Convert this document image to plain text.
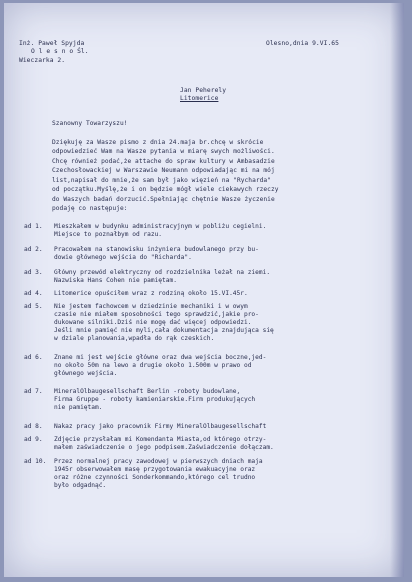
Inż. Paweł Spyjda
O l e s n o Śl.
Wieczarka 2.
Olesno,dnia 9.VI.65
Jan Peherely
Litomerice
Szanowny Towarzyszu!
Dziękuję za Wasze pismo z dnia 24.maja br.chcę w skrócie
odpowiedzieć Wam na Wasze pytania w miarę swych możliwości.
Chcę również podać,że attache do spraw kultury w Ambasadzie
Czechosłowackiej w Warszawie Neumann odpowiadając mi na mój
list,napisał do mnie,że sam był jako więzień na "Rycharda"
od początku.Myślę,że i on będzie mógł wiele ciekawych rzeczy
do Waszych badań dorzucić.Spełniając chętnie Wasze życzenie
podaję co następuje:
ad 1. Mieszkałem w budynku administracyjnym w pobliżu cegielni.
Miejsce to poznałbym od razu.
ad 2. Pracowałem na stanowisku inżyniera budowlanego przy bu-
dowie głównego wejścia do "Richarda".
ad 3. Główny przewód elektryczny od rozdzielnika leżał na ziemi.
Nazwiska Hans Cohen nie pamiętam.
ad 4. Litomerice opuściłem wraz z rodziną około 15.VI.45r.
ad 5. Nie jestem fachowcem w dziedzinie mechaniki i w owym
czasie nie miałem sposobności tego sprawdzić,jakie pro-
dukowane silniki.Dziś nie mogę dać więcej odpowiedzi.
Jeśli mnie pamięć nie myli,cała dokumentacja znajdująca się
w dziale planowania,wpadła do rąk czeskich.
ad 6. Znane mi jest wejście główne oraz dwa wejścia boczne,jed-
no około 50m na lewo a drugie około 1.500m w prawo od
głównego wejścia.
ad 7. MineralOlbaugesellschaft Berlin -roboty budowlane,
Firma Gruppe - roboty kamieniarskie.Firm produkujących
nie pamiętam.
ad 8. Nakaz pracy jako pracownik Firmy MineralOlbaugesellschaft
ad 9. Zdjęcie przysłałam mi Komendanta Miasta,od którego otrzy-
małem zaświadczenie o jego podpisem.Zaświadczenie dołączam.
ad 10. Przez normalnej pracy zawodowej w pierwszych dniach maja
1945r obserwowałem masę przygotowania ewakuacyjne oraz
oraz różne czynności Sonderkommando,którego cel trudno
było odgadnąć.
